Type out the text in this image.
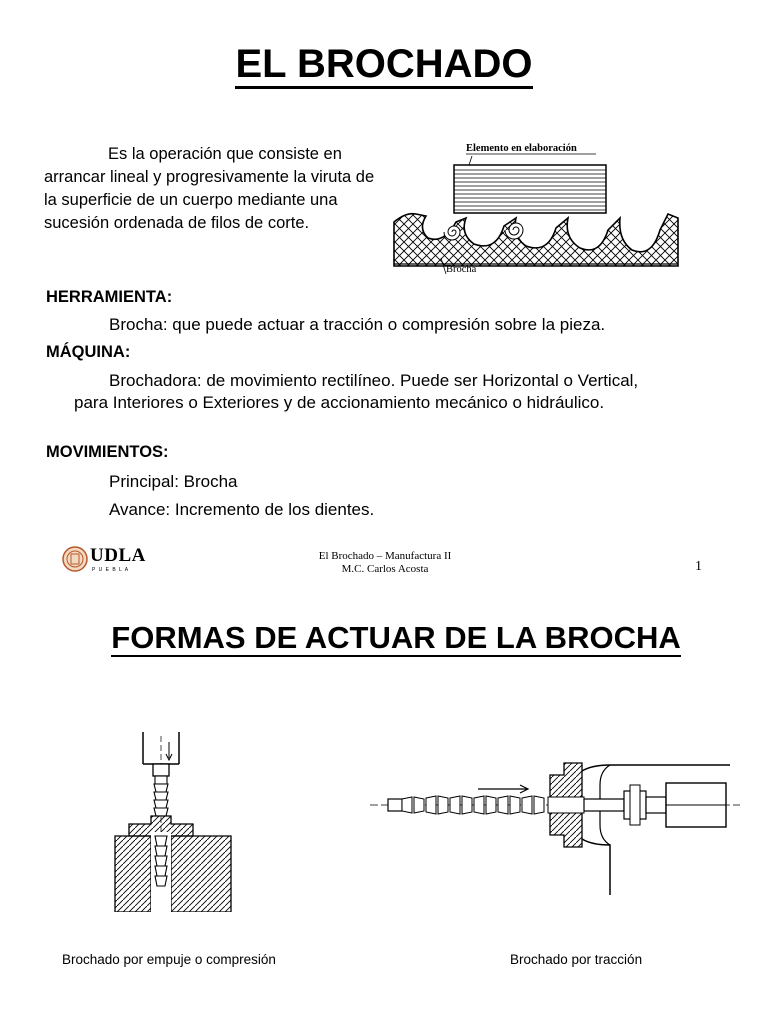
EL BROCHADO
Es la operación que consiste en arrancar lineal y progresivamente la viruta de la superficie de un cuerpo mediante una sucesión ordenada de filos de corte.
Elemento en elaboración
Brocha
HERRAMIENTA:
Brocha: que puede actuar a tracción o compresión sobre la pieza.
MÁQUINA:
Brochadora: de movimiento rectilíneo. Puede ser Horizontal o Vertical, para Interiores o Exteriores y de accionamiento mecánico o hidráulico.
MOVIMIENTOS:
Principal: Brocha
Avance: Incremento de los dientes.
UDLA
P U E B L A
El Brochado – Manufactura II
M.C. Carlos Acosta	1
FORMAS DE ACTUAR DE LA BROCHA
Brochado por empuje o compresión	Brochado por tracción
